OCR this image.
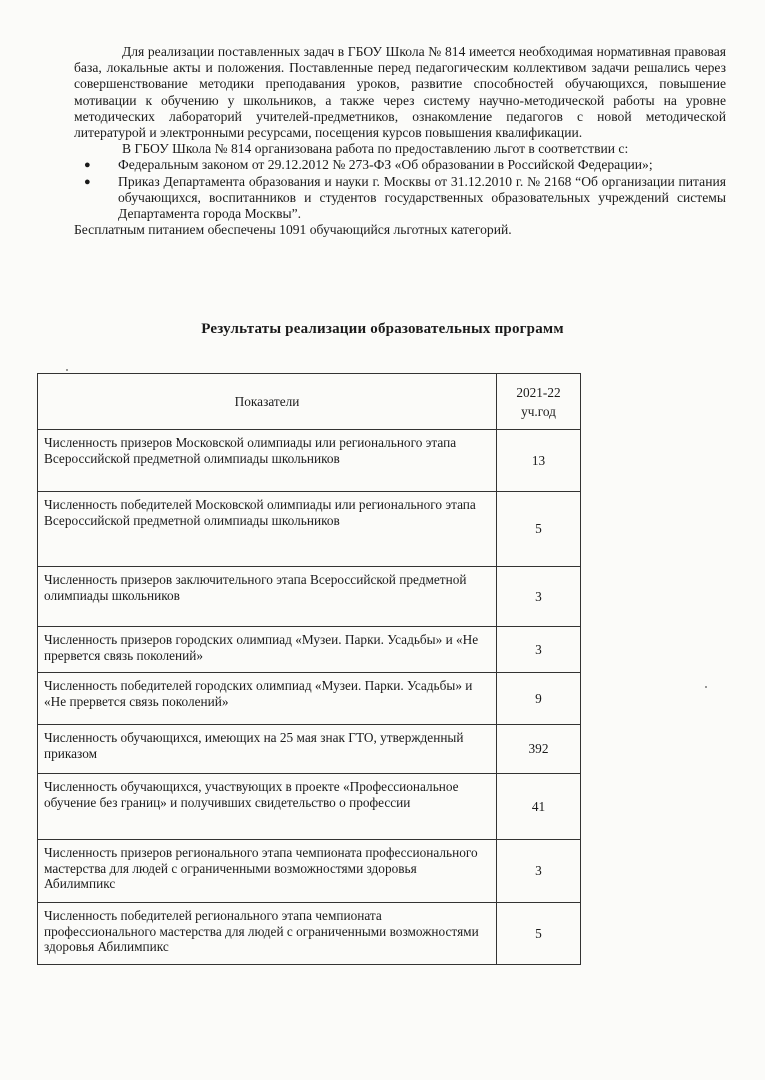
Для реализации поставленных задач в ГБОУ Школа № 814 имеется необходимая нормативная правовая база, локальные акты и положения. Поставленные перед педагогическим коллективом задачи решались через совершенствование методики преподавания уроков, развитие способностей обучающихся, повышение мотивации к обучению у школьников, а также через систему научно-методической работы на уровне методических лабораторий учителей-предметников, ознакомление педагогов с новой методической литературой и электронными ресурсами, посещения курсов повышения квалификации.

В ГБОУ Школа № 814 организована работа по предоставлению льгот в соответствии с:

● Федеральным законом от 29.12.2012 № 273-ФЗ «Об образовании в Российской Федерации»;
● Приказ Департамента образования и науки г. Москвы от 31.12.2010 г. № 2168 “Об организации питания обучающихся, воспитанников и студентов государственных образовательных учреждений системы Департамента города Москвы”.

Бесплатным питанием обеспечены 1091 обучающийся льготных категорий.

Результаты реализации образовательных программ
Показатели	2021-22 уч.год

Численность призеров Московской олимпиады или регионального этапа Всероссийской предметной олимпиады школьников	13
Численность победителей Московской олимпиады или регионального этапа Всероссийской предметной олимпиады школьников	5
Численность призеров заключительного этапа Всероссийской предметной олимпиады школьников	3
Численность призеров городских олимпиад «Музеи. Парки. Усадьбы» и «Не прервется связь поколений»	3
Численность победителей городских олимпиад «Музеи. Парки. Усадьбы» и «Не прервется связь поколений»	9
Численность обучающихся, имеющих на 25 мая знак ГТО, утвержденный приказом	392
Численность обучающихся, участвующих в проекте «Профессиональное обучение без границ» и получивших свидетельство о профессии	41
Численность призеров регионального этапа чемпионата профессионального мастерства для людей с ограниченными возможностями здоровья Абилимпикс	3
Численность победителей регионального этапа чемпионата профессионального мастерства для людей с ограниченными возможностями здоровья Абилимпикс	5
